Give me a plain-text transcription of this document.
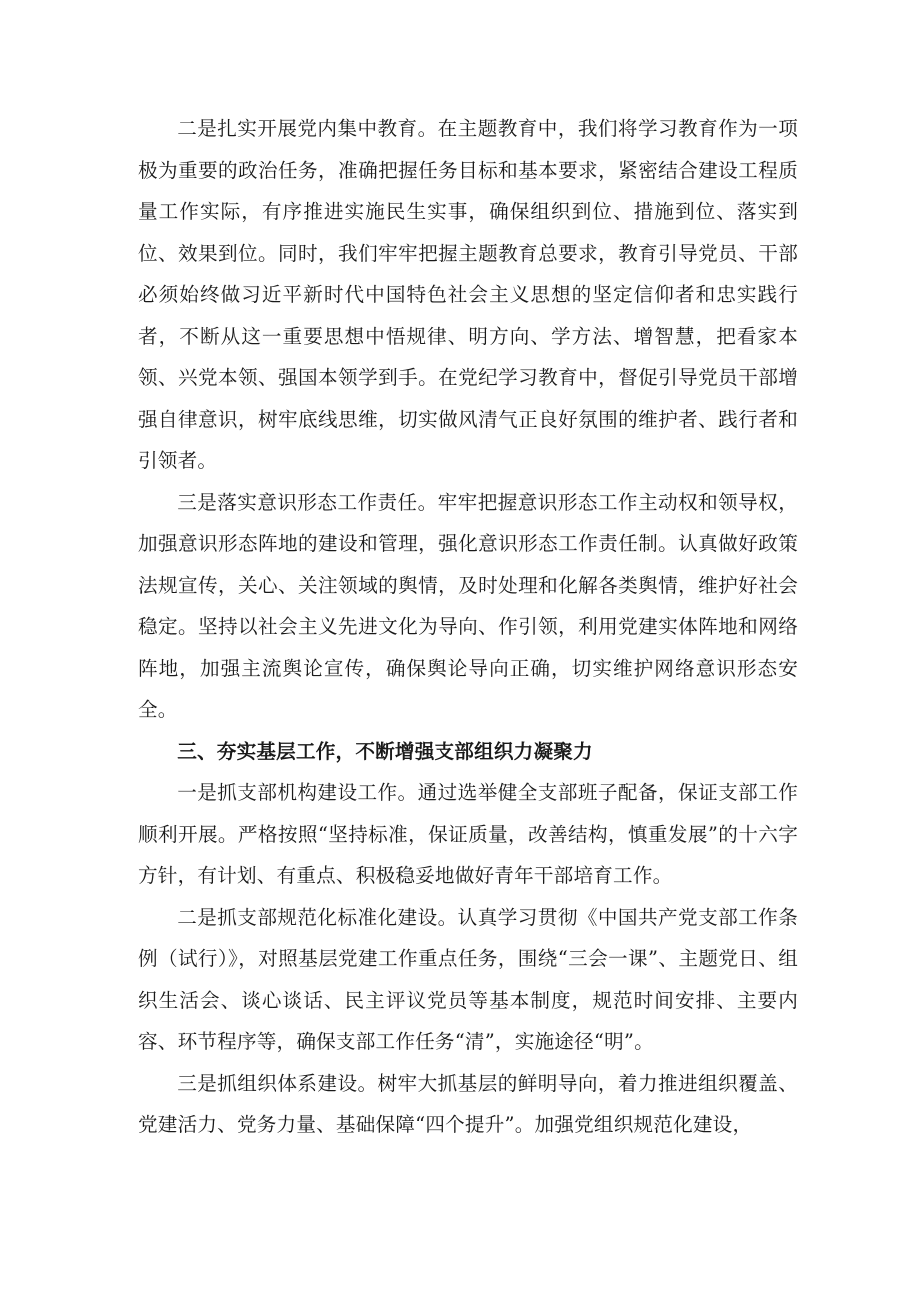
二是扎实开展党内集中教育。在主题教育中，我们将学习教育作为一项极为重要的政治任务，准确把握任务目标和基本要求，紧密结合建设工程质量工作实际，有序推进实施民生实事，确保组织到位、措施到位、落实到位、效果到位。同时，我们牢牢把握主题教育总要求，教育引导党员、干部必须始终做习近平新时代中国特色社会主义思想的坚定信仰者和忠实践行者，不断从这一重要思想中悟规律、明方向、学方法、增智慧，把看家本领、兴党本领、强国本领学到手。在党纪学习教育中，督促引导党员干部增强自律意识，树牢底线思维，切实做风清气正良好氛围的维护者、践行者和引领者。

三是落实意识形态工作责任。牢牢把握意识形态工作主动权和领导权，加强意识形态阵地的建设和管理，强化意识形态工作责任制。认真做好政策法规宣传，关心、关注领域的舆情，及时处理和化解各类舆情，维护好社会稳定。坚持以社会主义先进文化为导向、作引领，利用党建实体阵地和网络阵地，加强主流舆论宣传，确保舆论导向正确，切实维护网络意识形态安全。

三、夯实基层工作，不断增强支部组织力凝聚力

一是抓支部机构建设工作。通过选举健全支部班子配备，保证支部工作顺利开展。严格按照“坚持标准，保证质量，改善结构，慎重发展”的十六字方针，有计划、有重点、积极稳妥地做好青年干部培育工作。

二是抓支部规范化标准化建设。认真学习贯彻《中国共产党支部工作条例（试行）》，对照基层党建工作重点任务，围绕“三会一课”、主题党日、组织生活会、谈心谈话、民主评议党员等基本制度，规范时间安排、主要内容、环节程序等，确保支部工作任务“清”，实施途径“明”。

三是抓组织体系建设。树牢大抓基层的鲜明导向，着力推进组织覆盖、党建活力、党务力量、基础保障“四个提升”。加强党组织规范化建设，
